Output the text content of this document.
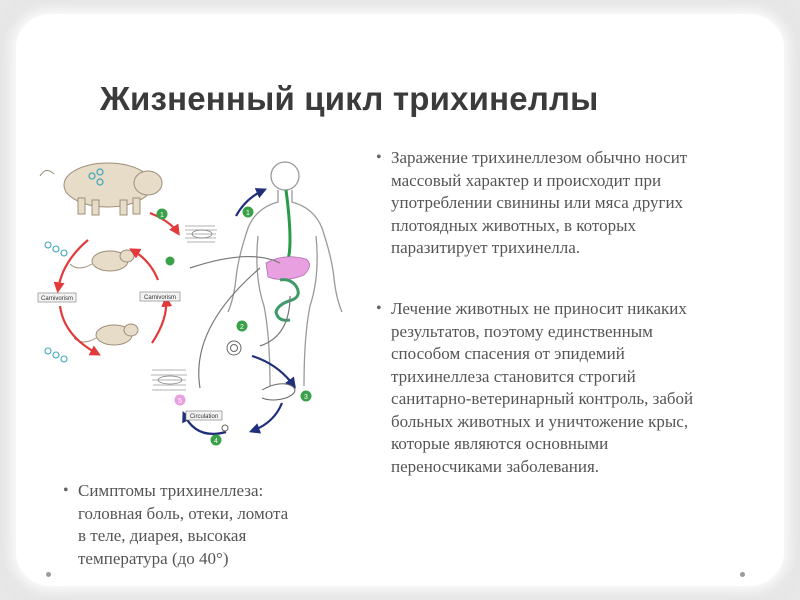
Жизненный цикл трихинеллы
Carnivorism	Carnivorism
Circulation
1	1
2
3
4
5
• Заражение трихинеллезом обычно носит
массовый характер и происходит при
употреблении свинины или мяса других
плотоядных животных, в которых
паразитирует трихинелла.
• Лечение животных не приносит никаких
результатов, поэтому единственным
способом спасения от эпидемий
трихинеллеза становится строгий
санитарно-ветеринарный контроль, забой
больных животных и уничтожение крыс,
которые являются основными
переносчиками заболевания.
• Симптомы трихинеллеза:
головная боль, отеки, ломота
в теле, диарея, высокая
температура (до 40°)
